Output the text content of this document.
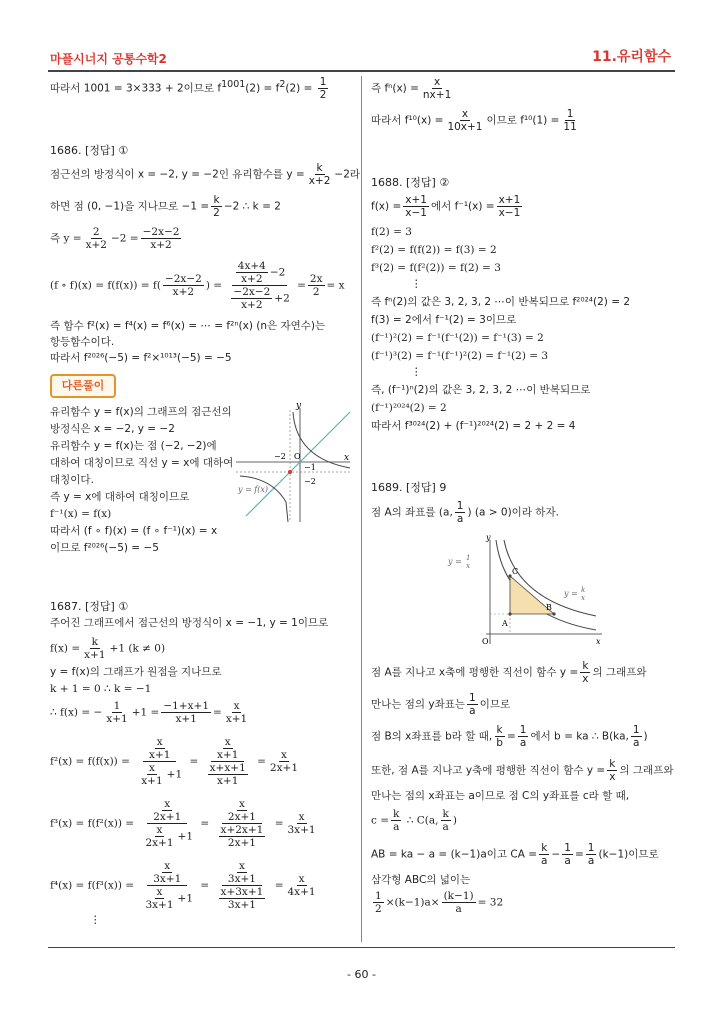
마플시너지 공통수학2	11.유리함수
따라서 1001 = 3×333 + 2이므로 $f^{1001}(2) = f^2(2) = \frac{1}{2}$
1686. [정답] ①
점근선의 방정식이 x = −2, y = −2인 유리함수를 $y = \frac{k}{x+2} -2$라
하면 점 (0, −1)을 지나므로 $-1 = \frac{k}{2} -2$ ∴ k = 2
즉 $y = \frac{2}{x+2} -2 = \frac{-2x-2}{x+2}$
(f ∘ $f)(x) = f(f(x)) = f( \frac{-2x-2}{x+2}$ ) = $\frac{\frac{4x+4}{x+2} -2}{\frac{-2x-2}{x+2} +2} = \frac{2x}{2} = x$
즉 함수 f²(x) = f⁴(x) = f⁶(x) = ⋯ = f²ⁿ(x) (n은 자연수)는
항등함수이다.
따라서 f²⁰²⁶(−5) = f²×¹⁰¹³(−5) = −5
다른풀이
유리함수 y = f(x)의 그래프의 점근선의
방정식은 x = −2, y = −2
유리함수 y = f(x)는 점 (−2, −2)에
대하여 대칭이므로 직선 y = x에 대하여
대칭이다.
즉 y = x에 대하여 대칭이므로
f⁻¹(x) = f(x)
따라서 (f ∘ f)(x) = (f ∘ f⁻¹)(x) = x
이므로 f²⁰²⁶(−5) = −5
y
x
O
−2
−1
−2
y = f(x)
1687. [정답] ①
주어진 그래프에서 점근선의 방정식이 x = −1, y = 1이므로
$f(x) = \frac{k}{x+1} +1$ (k ≠ 0)
y = f(x)의 그래프가 원점을 지나므로
k + 1 = 0 ∴ k = −1
∴ f(x) = − $\frac{1}{x+1} +1 = \frac{-1+x+1}{x+1} = \frac{x}{x+1}$
$f^2(x) = f(f(x)) = \frac{\frac{x}{x+1}}{\frac{x}{x+1} +1} = \frac{\frac{x}{x+1}}{\frac{x+x+1}{x+1}} = \frac{x}{2x+1}$
$f^3(x) = f(f^2(x)) = \frac{\frac{x}{2x+1}}{\frac{x}{2x+1} +1} = \frac{\frac{x}{2x+1}}{\frac{x+2x+1}{2x+1}} = \frac{x}{3x+1}$
$f^4(x) = f(f^3(x)) = \frac{\frac{x}{3x+1}}{\frac{x}{3x+1} +1} = \frac{\frac{x}{3x+1}}{\frac{x+3x+1}{3x+1}} = \frac{x}{4x+1}$
⋮
즉 $f^n(x) = \frac{x}{nx+1}$
따라서 $f^{10}(x) = \frac{x}{10x+1}$ 이므로 $f^{10}(1) = \frac{1}{11}$
1688. [정답] ②
$f(x) = \frac{x+1}{x-1}$ 에서 $f^{-1}(x) = \frac{x+1}{x-1}$
f(2) = 3
f²(2) = f(f(2)) = f(3) = 2
f³(2) = f(f²(2)) = f(2) = 3
⋮
즉 fⁿ(2)의 값은 3, 2, 3, 2 ⋯이 반복되므로 f²⁰²⁴(2) = 2
f(3) = 2에서 f⁻¹(2) = 3이므로
(f⁻¹)²(2) = f⁻¹(f⁻¹(2)) = f⁻¹(3) = 2
(f⁻¹)³(2) = f⁻¹(f⁻¹)²(2) = f⁻¹(2) = 3
⋮
즉, (f⁻¹)ⁿ(2)의 값은 3, 2, 3, 2 ⋯이 반복되므로
(f⁻¹)²⁰²⁴(2) = 2
따라서 f³⁰²⁴(2) + (f⁻¹)²⁰²⁴(2) = 2 + 2 = 4
1689. [정답] 9
점 A의 좌표를 (a, $\frac{1}{a}$ ) (a > 0)이라 하자.
y
x
O
C
A
B
y = 1
x
y = k
x
점 A를 지나고 x축에 평행한 직선이 함수 $y = \frac{k}{x}$ 의 그래프와
만나는 점의 y좌표는 $\frac{1}{a}$ 이므로
점 B의 x좌표를 b라 할 때, $\frac{k}{b} = \frac{1}{a}$ 에서 b = ka ∴ B(ka, $\frac{1}{a}$ )
또한, 점 A를 지나고 y축에 평행한 직선이 함수 $y = \frac{k}{x}$ 의 그래프와
만나는 점의 x좌표는 a이므로 점 C의 y좌표를 c라 할 때,
$c = \frac{k}{a}$ ∴ C(a, $\frac{k}{a}$ )
AB = ka − a = (k−1)a이고 CA = $\frac{k}{a} - \frac{1}{a} = \frac{1}{a} (k-1)$이므로
삼각형 ABC의 넓이는
$\frac{1}{2} \times(k-1)a\times \frac{(k-1)}{a} = 32$
- 60 -
